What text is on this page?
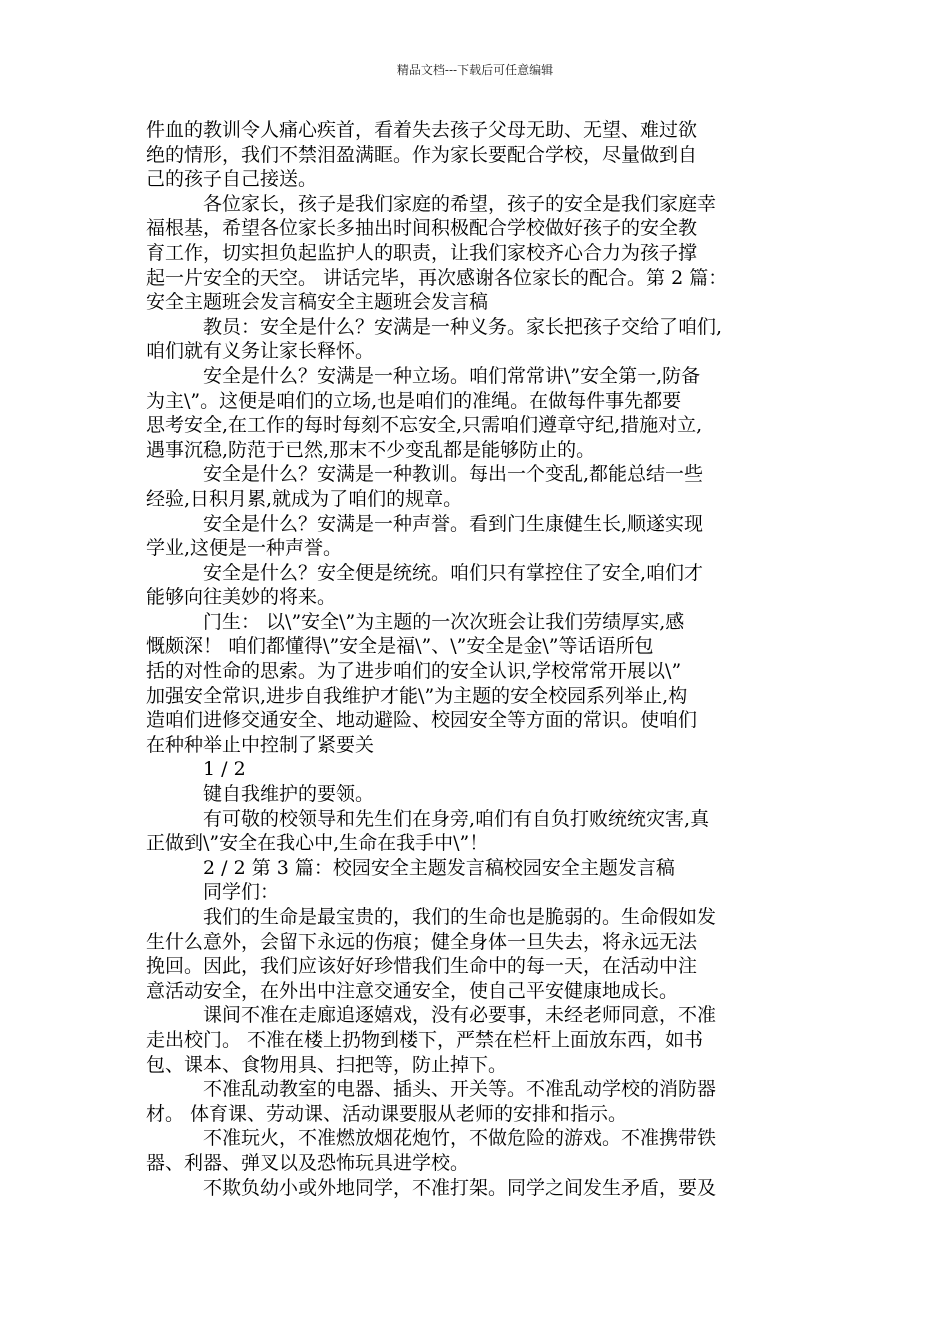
精品文档---下载后可任意编辑
件血的教训令人痛心疾首，看着失去孩子父母无助、无望、难过欲
绝的情形，我们不禁泪盈满眶。作为家长要配合学校，尽量做到自
己的孩子自己接送。
各位家长，孩子是我们家庭的希望，孩子的安全是我们家庭幸
福根基，希望各位家长多抽出时间积极配合学校做好孩子的安全教
育工作，切实担负起监护人的职责，让我们家校齐心合力为孩子撑
起一片安全的天空。 讲话完毕，再次感谢各位家长的配合。第 2 篇：
安全主题班会发言稿安全主题班会发言稿
教员：安全是什么？安满是一种义务。家长把孩子交给了咱们,
咱们就有义务让家长释怀。
安全是什么？安满是一种立场。咱们常常讲\”安全第一,防备
为主\”。这便是咱们的立场,也是咱们的准绳。在做每件事先都要
思考安全,在工作的每时每刻不忘安全,只需咱们遵章守纪,措施对立,
遇事沉稳,防范于已然,那末不少变乱都是能够防止的。
安全是什么？安满是一种教训。每出一个变乱,都能总结一些
经验,日积月累,就成为了咱们的规章。
安全是什么？安满是一种声誉。看到门生康健生长,顺遂实现
学业,这便是一种声誉。
安全是什么？安全便是统统。咱们只有掌控住了安全,咱们才
能够向往美妙的将来。
门生： 以\”安全\”为主题的一次次班会让我们劳绩厚实,感
慨颇深！ 咱们都懂得\”安全是福\”、\”安全是金\”等话语所包
括的对性命的思索。为了进步咱们的安全认识,学校常常开展以\”
加强安全常识,进步自我维护才能\”为主题的安全校园系列举止,构
造咱们进修交通安全、地动避险、校园安全等方面的常识。使咱们
在种种举止中控制了紧要关
1 / 2
键自我维护的要领。
有可敬的校领导和先生们在身旁,咱们有自负打败统统灾害,真
正做到\”安全在我心中,生命在我手中\”！
2 / 2 第 3 篇：校园安全主题发言稿校园安全主题发言稿
同学们：
我们的生命是最宝贵的，我们的生命也是脆弱的。生命假如发
生什么意外，会留下永远的伤痕；健全身体一旦失去，将永远无法
挽回。因此，我们应该好好珍惜我们生命中的每一天，在活动中注
意活动安全，在外出中注意交通安全，使自己平安健康地成长。
课间不准在走廊追逐嬉戏，没有必要事，未经老师同意，不准
走出校门。 不准在楼上扔物到楼下，严禁在栏杆上面放东西，如书
包、课本、食物用具、扫把等，防止掉下。
不准乱动教室的电器、插头、开关等。不准乱动学校的消防器
材。 体育课、劳动课、活动课要服从老师的安排和指示。
不准玩火，不准燃放烟花炮竹，不做危险的游戏。不准携带铁
器、利器、弹叉以及恐怖玩具进学校。
不欺负幼小或外地同学，不准打架。同学之间发生矛盾，要及
